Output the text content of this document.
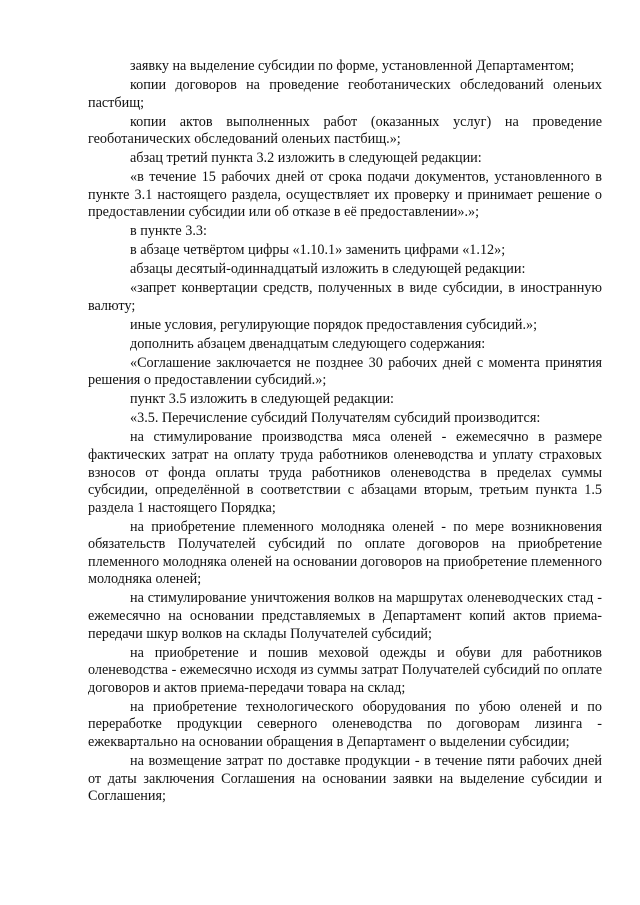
заявку на выделение субсидии по форме, установленной Департаментом;

копии договоров на проведение геоботанических обследований оленьих пастбищ;

копии актов выполненных работ (оказанных услуг) на проведение геоботанических обследований оленьих пастбищ.»;

абзац третий пункта 3.2 изложить в следующей редакции:

«в течение 15 рабочих дней от срока подачи документов, установленного в пункте 3.1 настоящего раздела, осуществляет их проверку и принимает решение о предоставлении субсидии или об отказе в её предоставлении».»;

в пункте 3.3:

в абзаце четвёртом цифры «1.10.1» заменить цифрами «1.12»;

абзацы десятый-одиннадцатый изложить в следующей редакции:

«запрет конвертации средств, полученных в виде субсидии, в иностранную валюту;

иные условия, регулирующие порядок предоставления субсидий.»;

дополнить абзацем двенадцатым следующего содержания:

«Соглашение заключается не позднее 30 рабочих дней с момента принятия решения о предоставлении субсидий.»;

пункт 3.5 изложить в следующей редакции:

«3.5. Перечисление субсидий Получателям субсидий производится:

на стимулирование производства мяса оленей - ежемесячно в размере фактических затрат на оплату труда работников оленеводства и уплату страховых взносов от фонда оплаты труда работников оленеводства в пределах суммы субсидии, определённой в соответствии с абзацами вторым, третьим пункта 1.5 раздела 1 настоящего Порядка;

на приобретение племенного молодняка оленей - по мере возникновения обязательств Получателей субсидий по оплате договоров на приобретение племенного молодняка оленей на основании договоров на приобретение племенного молодняка оленей;

на стимулирование уничтожения волков на маршрутах оленеводческих стад - ежемесячно на основании представляемых в Департамент копий актов приема-передачи шкур волков на склады Получателей субсидий;

на приобретение и пошив меховой одежды и обуви для работников оленеводства - ежемесячно исходя из суммы затрат Получателей субсидий по оплате договоров и актов приема-передачи товара на склад;

на приобретение технологического оборудования по убою оленей и по переработке продукции северного оленеводства по договорам лизинга - ежеквартально на основании обращения в Департамент о выделении субсидии;

на возмещение затрат по доставке продукции - в течение пяти рабочих дней от даты заключения Соглашения на основании заявки на выделение субсидии и Соглашения;
